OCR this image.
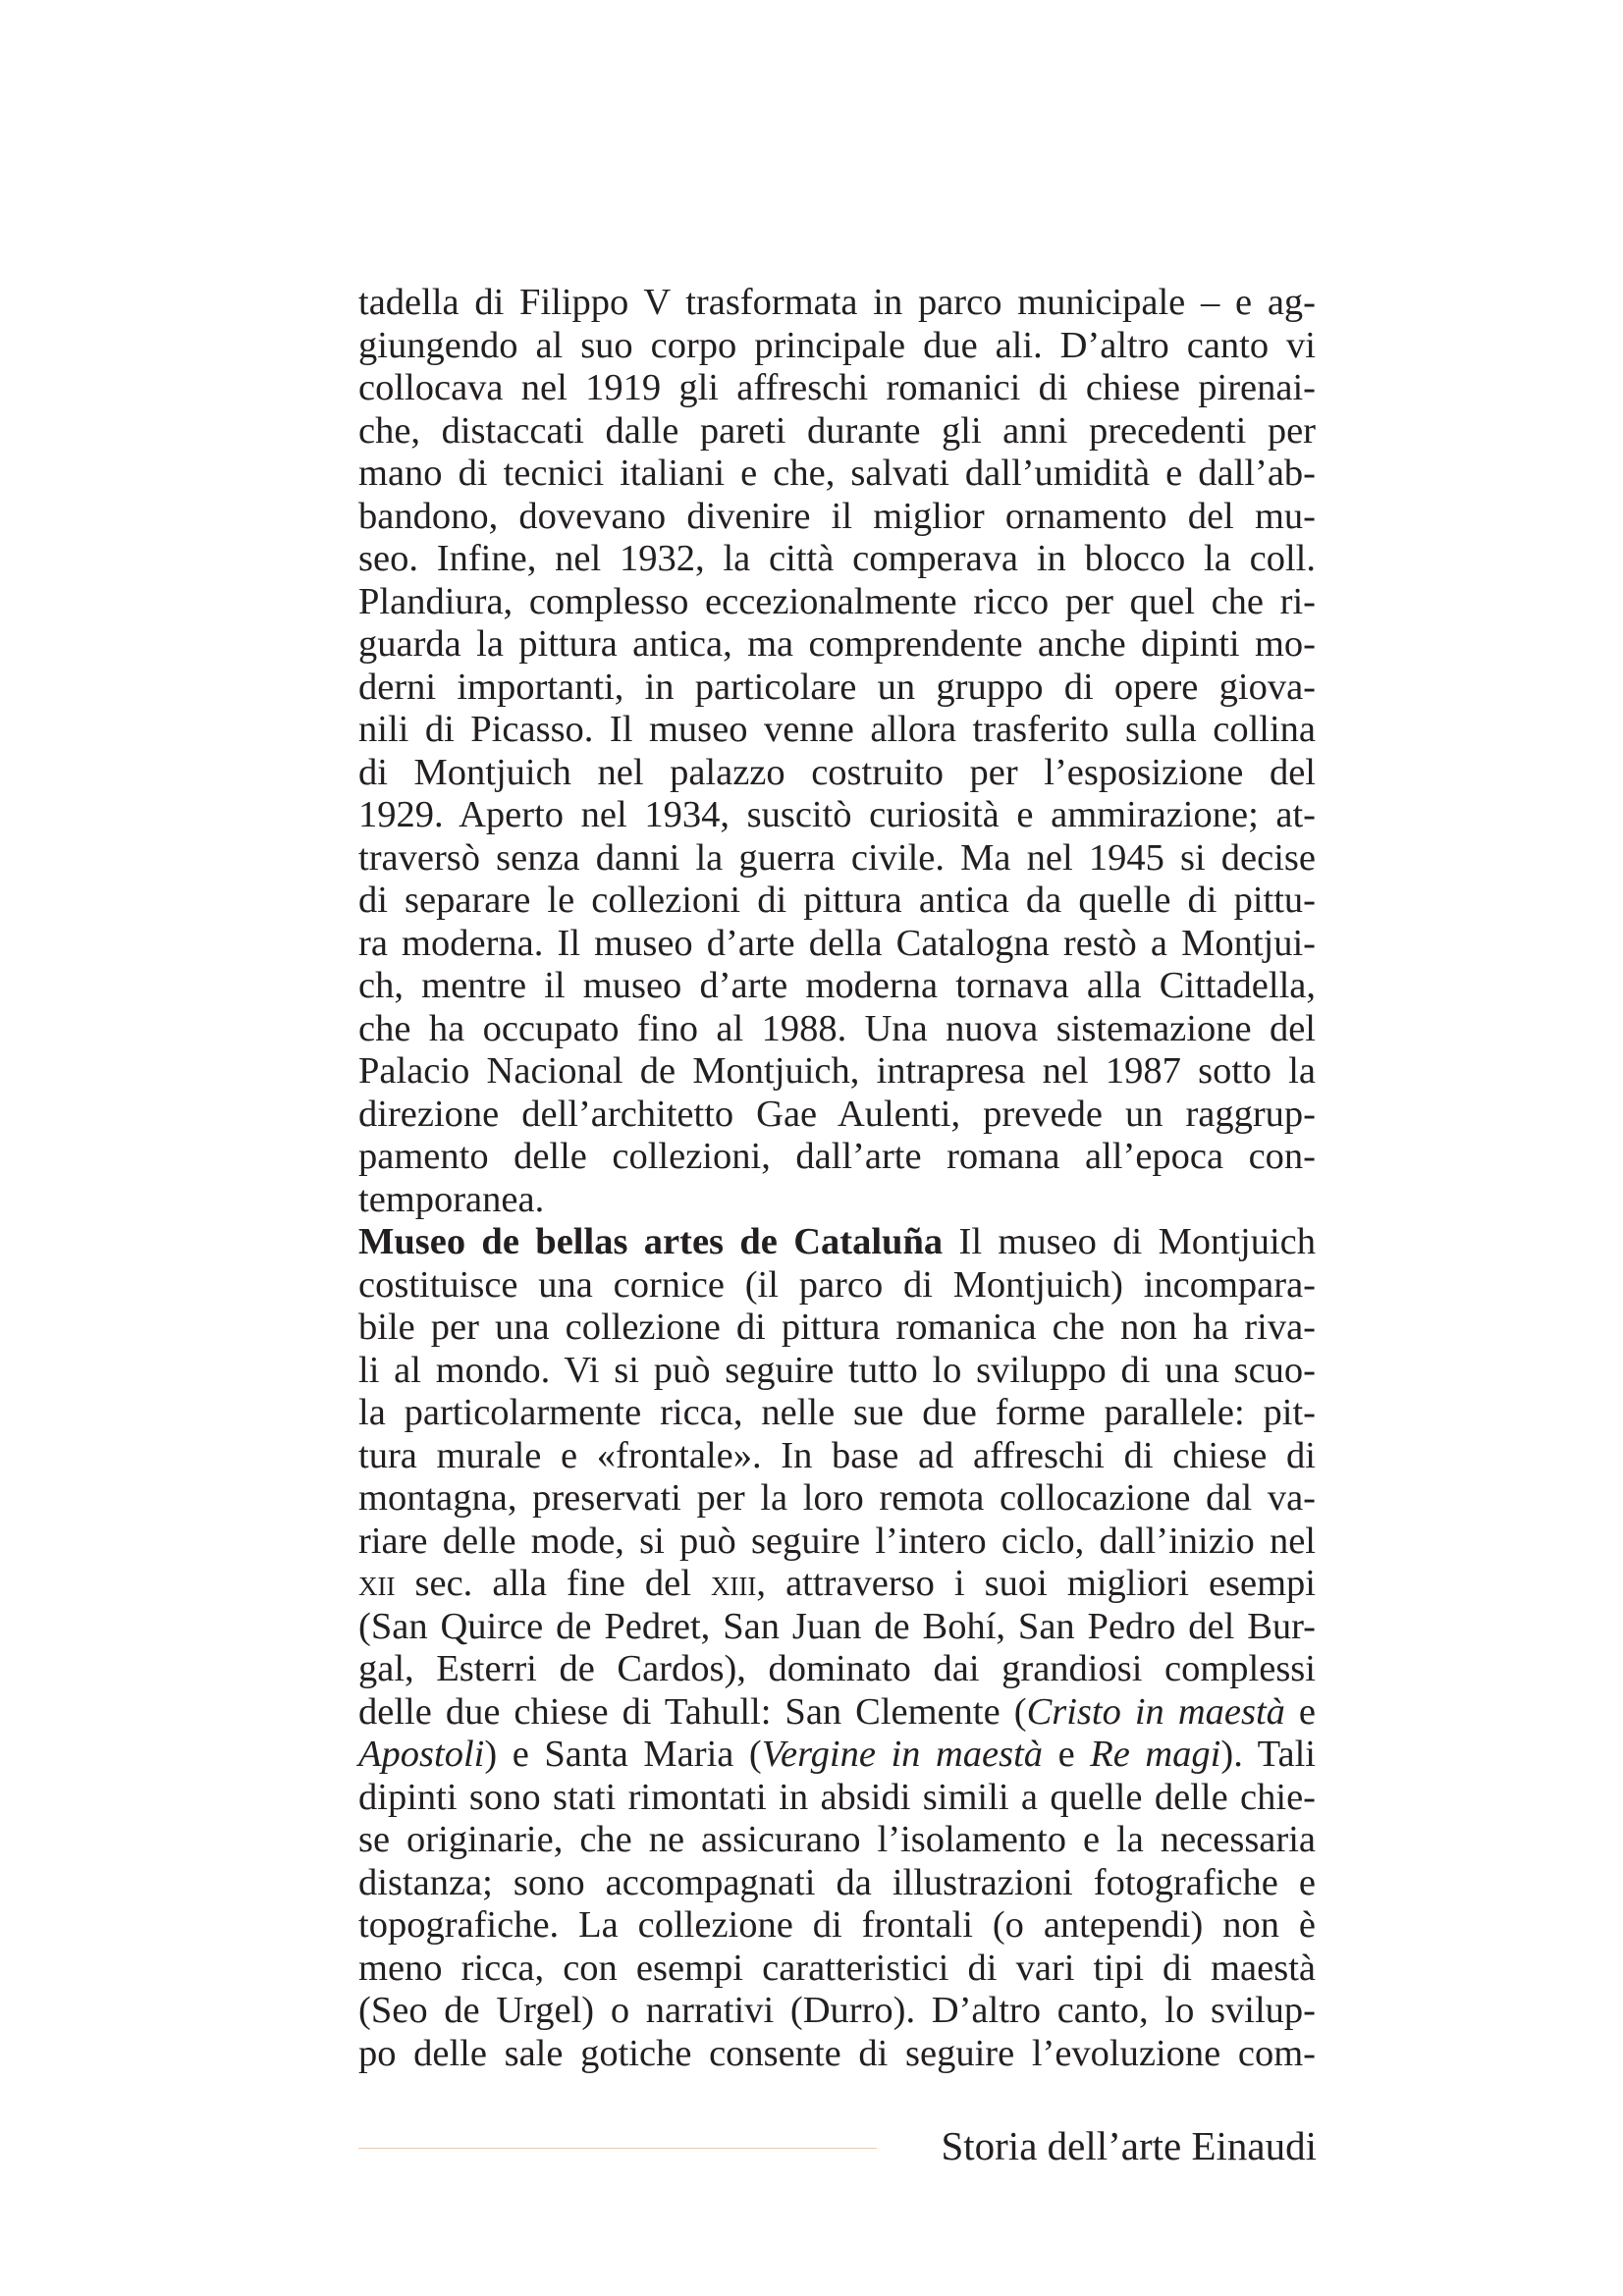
tadella di Filippo V trasformata in parco municipale – e ag-
giungendo al suo corpo principale due ali. D’altro canto vi
collocava nel 1919 gli affreschi romanici di chiese pirenai-
che, distaccati dalle pareti durante gli anni precedenti per
mano di tecnici italiani e che, salvati dall’umidità e dall’ab-
bandono, dovevano divenire il miglior ornamento del mu-
seo. Infine, nel 1932, la città comperava in blocco la coll.
Plandiura, complesso eccezionalmente ricco per quel che ri-
guarda la pittura antica, ma comprendente anche dipinti mo-
derni importanti, in particolare un gruppo di opere giova-
nili di Picasso. Il museo venne allora trasferito sulla collina
di Montjuich nel palazzo costruito per l’esposizione del
1929. Aperto nel 1934, suscitò curiosità e ammirazione; at-
traversò senza danni la guerra civile. Ma nel 1945 si decise
di separare le collezioni di pittura antica da quelle di pittu-
ra moderna. Il museo d’arte della Catalogna restò a Montjui-
ch, mentre il museo d’arte moderna tornava alla Cittadella,
che ha occupato fino al 1988. Una nuova sistemazione del
Palacio Nacional de Montjuich, intrapresa nel 1987 sotto la
direzione dell’architetto Gae Aulenti, prevede un raggrup-
pamento delle collezioni, dall’arte romana all’epoca con-
temporanea.
Museo de bellas artes de Cataluña Il museo di Montjuich
costituisce una cornice (il parco di Montjuich) incompara-
bile per una collezione di pittura romanica che non ha riva-
li al mondo. Vi si può seguire tutto lo sviluppo di una scuo-
la particolarmente ricca, nelle sue due forme parallele: pit-
tura murale e «frontale». In base ad affreschi di chiese di
montagna, preservati per la loro remota collocazione dal va-
riare delle mode, si può seguire l’intero ciclo, dall’inizio nel
xii sec. alla fine del xiii, attraverso i suoi migliori esempi
(San Quirce de Pedret, San Juan de Bohí, San Pedro del Bur-
gal, Esterri de Cardos), dominato dai grandiosi complessi
delle due chiese di Tahull: San Clemente (Cristo in maestà e
Apostoli) e Santa Maria (Vergine in maestà e Re magi). Tali
dipinti sono stati rimontati in absidi simili a quelle delle chie-
se originarie, che ne assicurano l’isolamento e la necessaria
distanza; sono accompagnati da illustrazioni fotografiche e
topografiche. La collezione di frontali (o antependi) non è
meno ricca, con esempi caratteristici di vari tipi di maestà
(Seo de Urgel) o narrativi (Durro). D’altro canto, lo svilup-
po delle sale gotiche consente di seguire l’evoluzione com-
Storia dell’arte Einaudi
